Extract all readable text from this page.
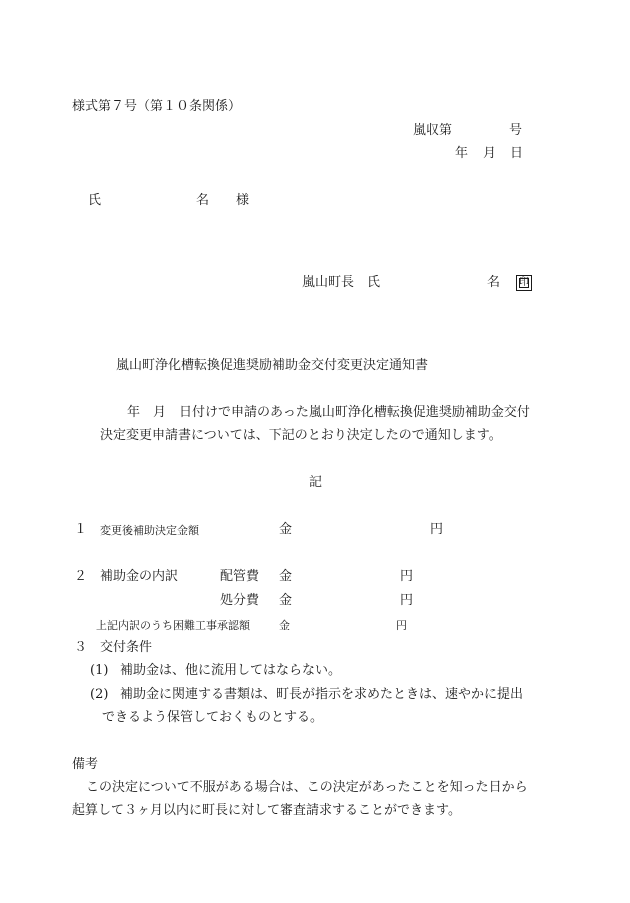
様式第７号（第１０条関係）
嵐収第	号
年 月 日
氏	名 様
嵐山町長　氏	名	印
嵐山町浄化槽転換促進奨励補助金交付変更決定通知書
年　月　日付けで申請のあった嵐山町浄化槽転換促進奨励補助金交付
決定変更申請書については、下記のとおり決定したので通知します。
記
１ 変更後補助決定金額	金	円
２ 補助金の内訳	配管費 金	円
処分費 金	円
上記内訳のうち困難工事承認額	金	円
３ 交付条件
(1) 補助金は、他に流用してはならない。
(2) 補助金に関連する書類は、町長が指示を求めたときは、速やかに提出
できるよう保管しておくものとする。
備考
この決定について不服がある場合は、この決定があったことを知った日から
起算して３ヶ月以内に町長に対して審査請求することができます。
